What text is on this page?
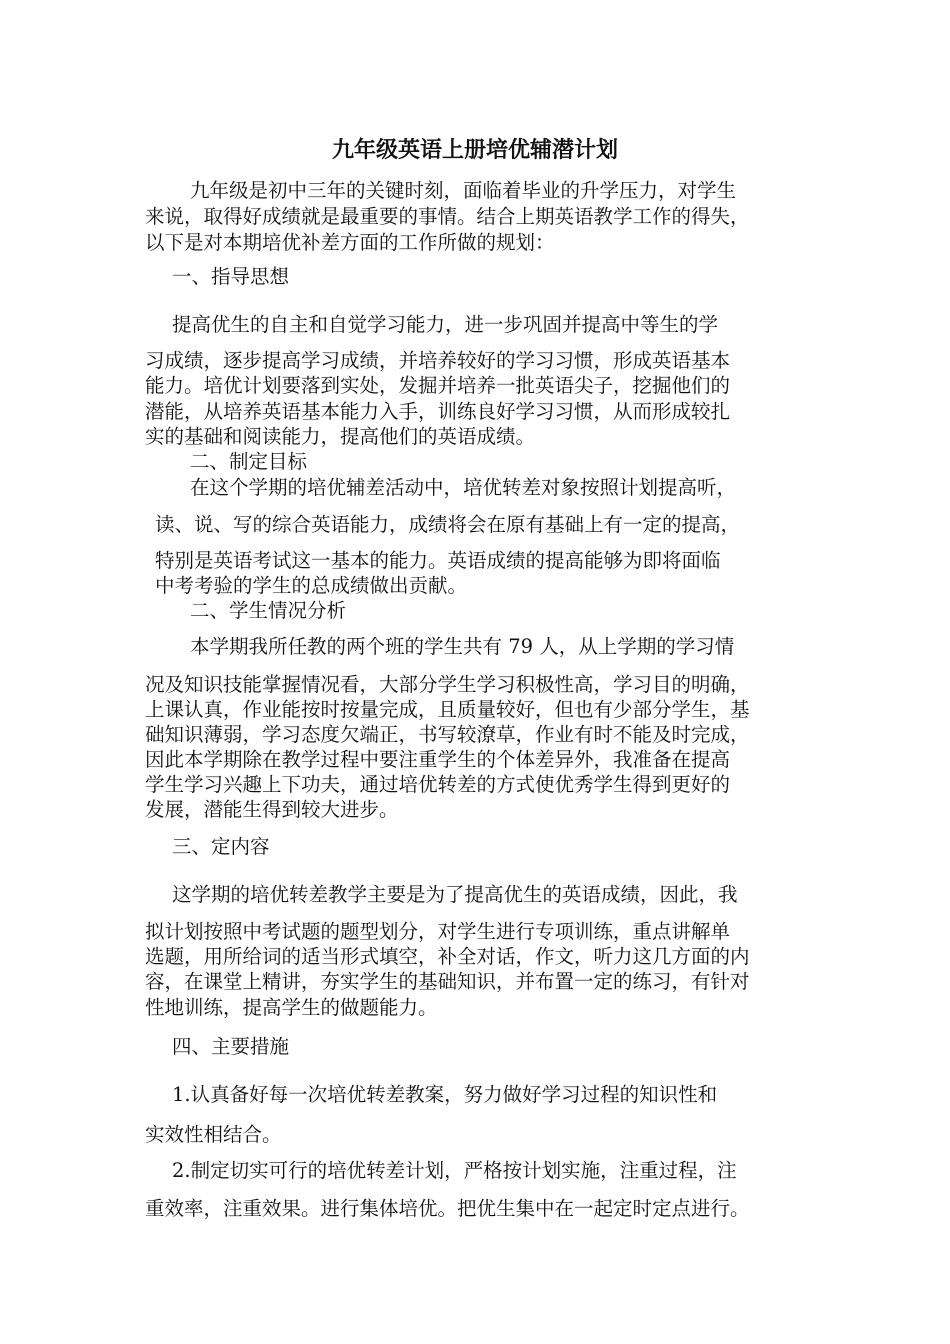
九年级英语上册培优辅潜计划
九年级是初中三年的关键时刻，面临着毕业的升学压力，对学生
来说，取得好成绩就是最重要的事情。结合上期英语教学工作的得失，
以下是对本期培优补差方面的工作所做的规划：
一、指导思想
提高优生的自主和自觉学习能力，进一步巩固并提高中等生的学
习成绩，逐步提高学习成绩，并培养较好的学习习惯，形成英语基本
能力。培优计划要落到实处，发掘并培养一批英语尖子，挖掘他们的
潜能，从培养英语基本能力入手，训练良好学习习惯，从而形成较扎
实的基础和阅读能力，提高他们的英语成绩。
二、制定目标
在这个学期的培优辅差活动中，培优转差对象按照计划提高听，
读、说、写的综合英语能力，成绩将会在原有基础上有一定的提高，
特别是英语考试这一基本的能力。英语成绩的提高能够为即将面临
中考考验的学生的总成绩做出贡献。
二、学生情况分析
本学期我所任教的两个班的学生共有 79 人，从上学期的学习情
况及知识技能掌握情况看，大部分学生学习积极性高，学习目的明确，
上课认真，作业能按时按量完成，且质量较好，但也有少部分学生，基
础知识薄弱，学习态度欠端正，书写较潦草，作业有时不能及时完成，
因此本学期除在教学过程中要注重学生的个体差异外，我准备在提高
学生学习兴趣上下功夫，通过培优转差的方式使优秀学生得到更好的
发展，潜能生得到较大进步。
三、定内容
这学期的培优转差教学主要是为了提高优生的英语成绩，因此，我
拟计划按照中考试题的题型划分，对学生进行专项训练，重点讲解单
选题，用所给词的适当形式填空，补全对话，作文，听力这几方面的内
容，在课堂上精讲，夯实学生的基础知识，并布置一定的练习，有针对
性地训练，提高学生的做题能力。
四、主要措施
1.认真备好每一次培优转差教案，努力做好学习过程的知识性和
实效性相结合。
2.制定切实可行的培优转差计划，严格按计划实施，注重过程，注
重效率，注重效果。进行集体培优。把优生集中在一起定时定点进行。
